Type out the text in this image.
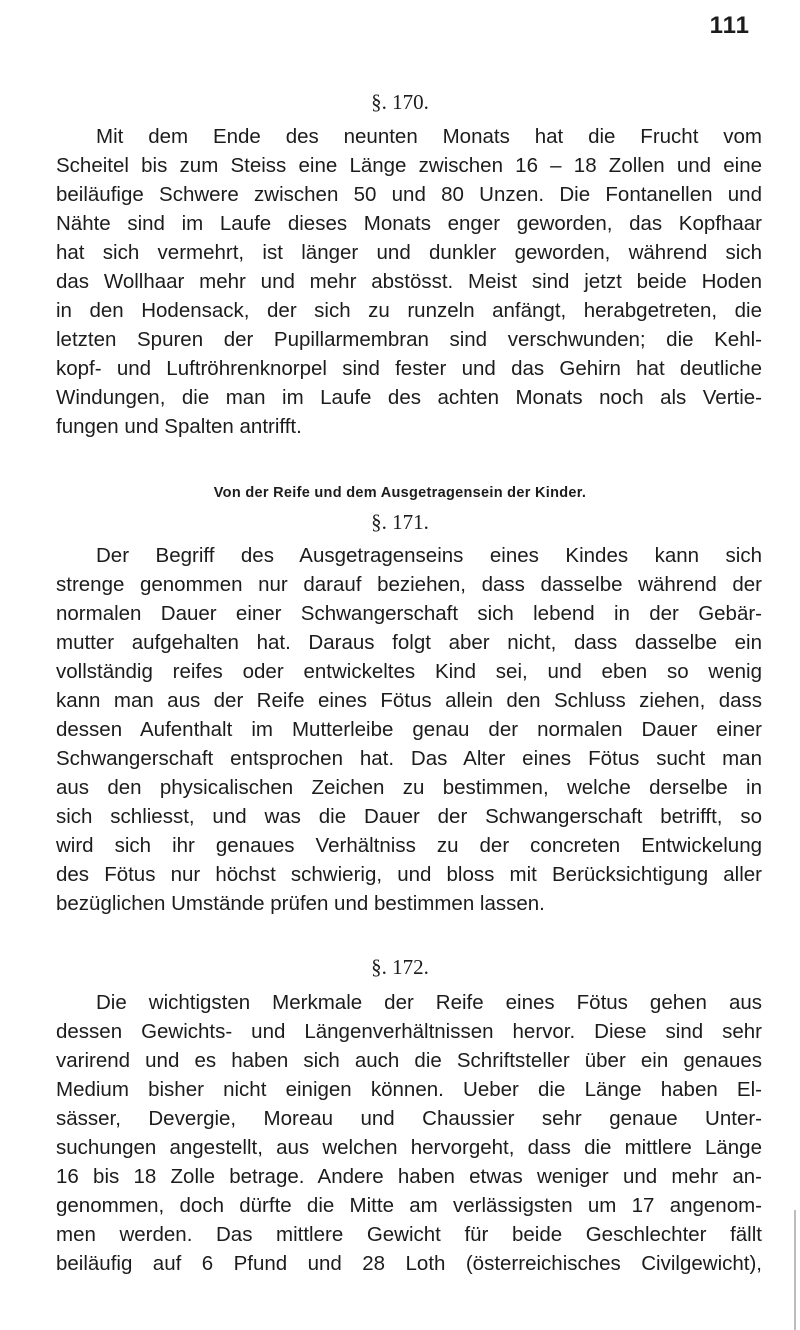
111
§. 170.
Mit dem Ende des neunten Monats hat die Frucht vom
Scheitel bis zum Steiss eine Länge zwischen 16 – 18 Zollen und eine
beiläufige Schwere zwischen 50 und 80 Unzen. Die Fontanellen und
Nähte sind im Laufe dieses Monats enger geworden, das Kopfhaar
hat sich vermehrt, ist länger und dunkler geworden, während sich
das Wollhaar mehr und mehr abstösst. Meist sind jetzt beide Hoden
in den Hodensack, der sich zu runzeln anfängt, herabgetreten, die
letzten Spuren der Pupillarmembran sind verschwunden; die Kehl-
kopf- und Luftröhrenknorpel sind fester und das Gehirn hat deutliche
Windungen, die man im Laufe des achten Monats noch als Vertie-
fungen und Spalten antrifft.
Von der Reife und dem Ausgetragensein der Kinder.
§. 171.
Der Begriff des Ausgetragenseins eines Kindes kann sich
strenge genommen nur darauf beziehen, dass dasselbe während der
normalen Dauer einer Schwangerschaft sich lebend in der Gebär-
mutter aufgehalten hat. Daraus folgt aber nicht, dass dasselbe ein
vollständig reifes oder entwickeltes Kind sei, und eben so wenig
kann man aus der Reife eines Fötus allein den Schluss ziehen, dass
dessen Aufenthalt im Mutterleibe genau der normalen Dauer einer
Schwangerschaft entsprochen hat. Das Alter eines Fötus sucht man
aus den physicalischen Zeichen zu bestimmen, welche derselbe in
sich schliesst, und was die Dauer der Schwangerschaft betrifft, so
wird sich ihr genaues Verhältniss zu der concreten Entwickelung
des Fötus nur höchst schwierig, und bloss mit Berücksichtigung aller
bezüglichen Umstände prüfen und bestimmen lassen.
§. 172.
Die wichtigsten Merkmale der Reife eines Fötus gehen aus
dessen Gewichts- und Längenverhältnissen hervor. Diese sind sehr
varirend und es haben sich auch die Schriftsteller über ein genaues
Medium bisher nicht einigen können. Ueber die Länge haben El-
sässer, Devergie, Moreau und Chaussier sehr genaue Unter-
suchungen angestellt, aus welchen hervorgeht, dass die mittlere Länge
16 bis 18 Zolle betrage. Andere haben etwas weniger und mehr an-
genommen, doch dürfte die Mitte am verlässigsten um 17 angenom-
men werden. Das mittlere Gewicht für beide Geschlechter fällt
beiläufig auf 6 Pfund und 28 Loth (österreichisches Civilgewicht),
